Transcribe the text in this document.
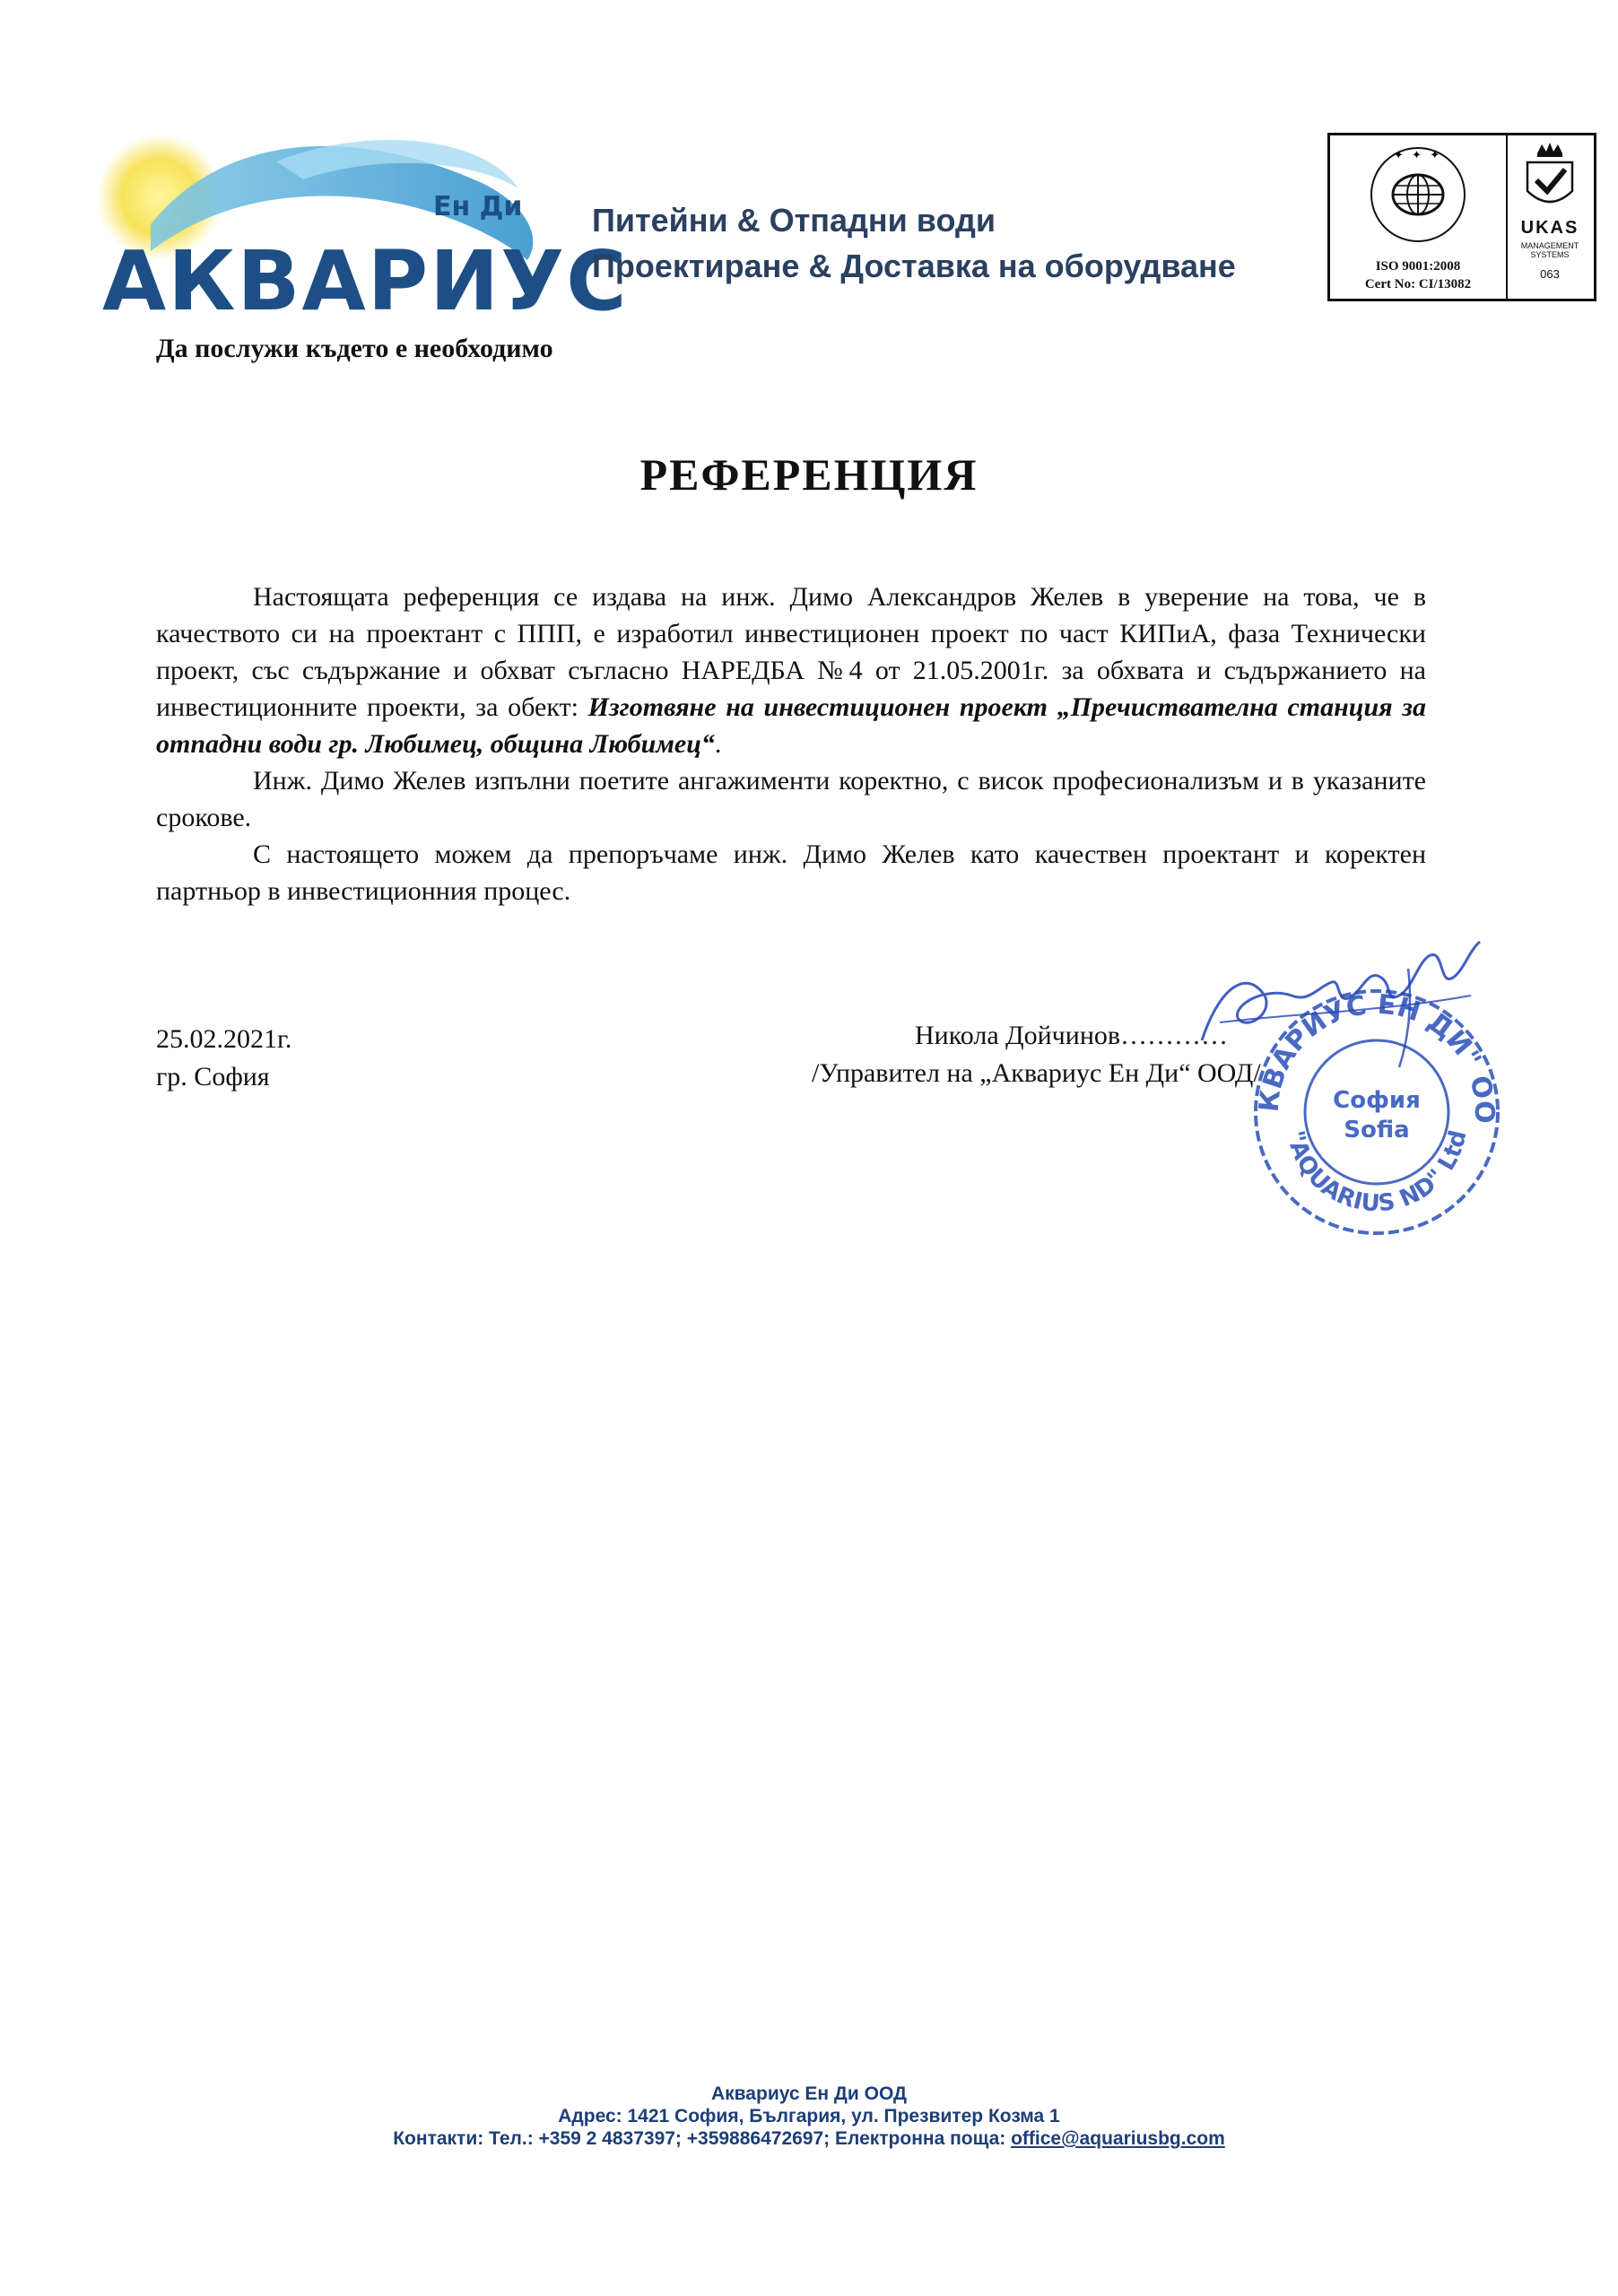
АКВАРИУС
Ен Ди Питейни & Отпадни води
Проектиране & Доставка на оборудване
✦ ✦ ✦
ISO 9001:2008
Cert No: CI/13082
UKAS
MANAGEMENT SYSTEMS
063
Да послужи където е необходимо
РЕФЕРЕНЦИЯ

Настоящата референция се издава на инж. Димо Александров Желев в уверение на това, че в качеството си на проектант с ППП, е изработил инвестиционен проект по част КИПиА, фаза Технически проект, със съдържание и обхват съгласно НАРЕДБА №4 от 21.05.2001г. за обхвата и съдържанието на инвестиционните проекти, за обект: Изготвяне на инвестиционен проект „Пречиствателна станция за отпадни води гр. Любимец, община Любимец“.

Инж. Димо Желев изпълни поетите ангажименти коректно, с висок професионализъм и в указаните срокове.

С настоящето можем да препоръчаме инж. Димо Желев като качествен проектант и коректен партньор в инвестиционния процес.

25.02.2021г.
гр. София
Никола Дойчинов…………
/Управител на „Аквариус Ен Ди“ ООД/
КВАРИУС ЕН ДИ" ОО
"AQUARIUS ND" Ltd
София
Sofia
Аквариус Ен Ди ООД
Адрес: 1421 София, България, ул. Презвитер Козма 1
Контакти: Тел.: +359 2 4837397; +359886472697; Електронна поща: office@aquariusbg.com
